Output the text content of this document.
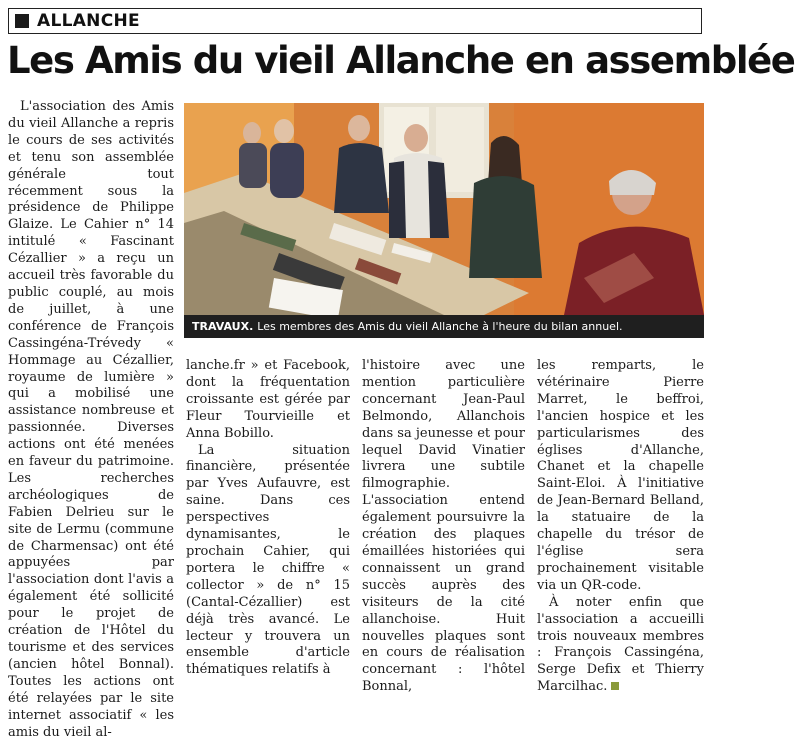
ALLANCHE
Les Amis du vieil Allanche en assemblée

L'association des Amis du vieil Allanche a repris le cours de ses activités et tenu son assemblée générale tout récemment sous la présidence de Philippe Glaize. Le Cahier n° 14 intitulé « Fascinant Cézallier » a reçu un accueil très favorable du public couplé, au mois de juillet, à une conférence de François Cassingéna-Trévedy « Hommage au Cézallier, royaume de lumière » qui a mobilisé une assistance nombreuse et passionnée. Diverses actions ont été menées en faveur du patrimoine. Les recherches archéologiques de Fabien Delrieu sur le site de Lermu (commune de Charmensac) ont été appuyées par l'association dont l'avis a également été sollicité pour le projet de création de l'Hôtel du tourisme et des services (ancien hôtel Bonnal). Toutes les actions ont été relayées par le site internet associatif « les amis du vieil al-

TRAVAUX. Les membres des Amis du vieil Allanche à l'heure du bilan annuel.

lanche.fr » et Facebook, dont la fréquentation croissante est gérée par Fleur Tourvieille et Anna Bobillo.

La situation financière, présentée par Yves Aufauvre, est saine. Dans ces perspectives dynamisantes, le prochain Cahier, qui portera le chiffre « collector » de n° 15 (Cantal-Cézallier) est déjà très avancé. Le lecteur y trouvera un ensemble d'article thématiques relatifs à

l'histoire avec une mention particulière concernant Jean-Paul Belmondo, Allanchois dans sa jeunesse et pour lequel David Vinatier livrera une subtile filmographie. L'association entend également poursuivre la création des plaques émaillées historiées qui connaissent un grand succès auprès des visiteurs de la cité allanchoise. Huit nouvelles plaques sont en cours de réalisation concernant : l'hôtel Bonnal,

les remparts, le vétérinaire Pierre Marret, le beffroi, l'ancien hospice et les particularismes des églises d'Allanche, Chanet et la chapelle Saint-Eloi. À l'initiative de Jean-Bernard Belland, la statuaire de la chapelle du trésor de l'église sera prochainement visitable via un QR-code.

À noter enfin que l'association a accueilli trois nouveaux membres : François Cassingéna, Serge Defix et Thierry Marcilhac.
